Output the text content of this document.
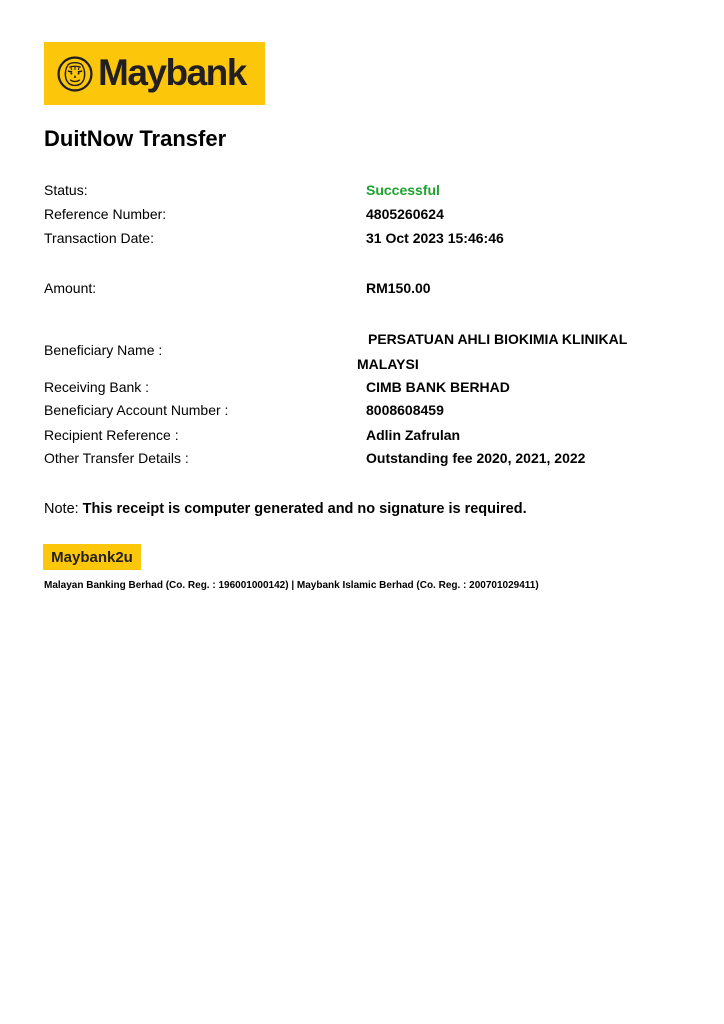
Maybank
DuitNow Transfer
Status:	Successful
Reference Number:	4805260624
Transaction Date:	31 Oct 2023 15:46:46
Amount:	RM150.00
Beneficiary Name :
PERSATUAN AHLI BIOKIMIA KLINIKAL MALAYSI
Receiving Bank :	CIMB BANK BERHAD
Beneficiary Account Number :	8008608459
Recipient Reference :	Adlin Zafrulan
Other Transfer Details :	Outstanding fee 2020, 2021, 2022
Note: This receipt is computer generated and no signature is required.
Maybank2u
Malayan Banking Berhad (Co. Reg. : 196001000142) | Maybank Islamic Berhad (Co. Reg. : 200701029411)
